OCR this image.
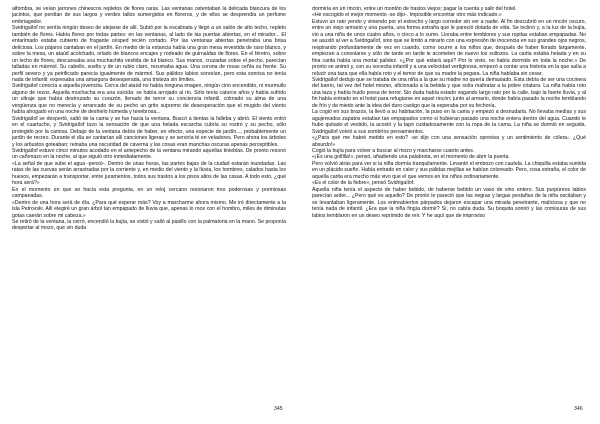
alfombra, se veían jarrones chinescos repletos de flores raras. Las ventanas ostentaban la delicada blancura de los jacintos, que perdían de sus largos y verdes tallos sumergidos en floreros, y de ellos se desprendía un perfume embriagador.

Svidrigaïlof no sentía ningún deseo de alejarse de allí. Subió por la escalinata y llegó a un salón de alto techo, repleto también de flores. Había flores por todas partes: en las ventanas, al lado de las puertas abiertas, en el mirador... El entarimado estaba cubierto de fragante césped recién cortado. Por las ventanas abiertas penetraba una brisa deliciosa. Los pájaros cantaban en el jardín. En medio de la estancia había una gran mesa revestida de raso blanco, y sobre la mesa, un ataúd acolchado, orlado de blancos encajes y rodeado de guirnaldas de flores. En el féretro, sobre un lecho de flores, descansaba una muchachita vestida de tul blanco. Sus manos, cruzadas sobre el pecho, parecían talladas en mármol. Su cabello, suelto y de un rubio claro, rezumaba agua. Una corona de rosas ceñía su frente. Su perfil severo y ya petrificado parecía igualmente de mármol. Sus pálidos labios sonreían, pero esta sonrisa no tenía nada de infantil: expresaba una amargura desesperada, una tristeza sin límites.

Svidrigaïlof conocía a aquella jovencita. Cerca del ataúd no había ninguna imagen, ningún cirio encendido, ni murmullo alguno de rezos. Aquella muchacha era una suicida: se había arrojado al río. Sólo tenía catorce años y había sufrido un ultraje que había destrozado su corazón, llenado de terror su conciencia infantil, colmado su alma de una vergüenza que no merecía y arrancado de su pecho un grito supremo de desesperación que el mugido del viento había ahogado en una noche de deshielo húmeda y tenebrosa...

Svidrigaïlof se despertó, saltó de la cama y se fue hacia la ventana. Buscó a tientas la falleba y abrió. El viento entró en el cuartucho, y Svidrigaïlof tuvo la sensación de que una helada escarcha cubría su rostro y su pecho, sólo protegido por la camisa. Debajo de la ventana debía de haber, en efecto, una especie de jardín..., probablemente un jardín de recreo. Durante el día se cantarían allí canciones ligeras y se serviría té en veladores. Pero ahora los árboles y los arbustos goteaban; reinaba una oscuridad de caverna y las cosas eran manchas oscuras apenas perceptibles.

Svidrigaïlof estuvo cinco minutos acodado en el antepecho de la ventana mirando aquellas tinieblas. De pronto resonó un cañonazo en la noche, al que siguió otro inmediatamente.

«La señal de que sube el agua -pensó-. Dentro de unas horas, las partes bajas de la ciudad estarán inundadas. Las ratas de las cuevas serán arrastradas por la corriente y, en medio del viento y la lluvia, los hombres, calados hasta los huesos, empezarán a transportar, entre juramentos, todos sus trastos a los pisos altos de las casas. A todo esto, ¿qué hora será?»

En el momento en que se hacía esta pregunta, en un reloj cercano resonaron tres poderosas y premiosas campanadas.

«Dentro de una hora será de día. ¿Para qué esperar más? Voy a marcharme ahora mismo. Me iré directamente a la isla Petrovski. Allí elegiré un gran árbol tan empapado de lluvia que, apenas lo roce con el hombro, miles de diminutas gotas caerán sobre mi cabeza.»

Se retiró de la ventana, la cerró, encendió la bujía, se vistió y salió al pasillo con la palmatoria en la mano. Se proponía despertar al mozo, que sin duda

345

dormiría en un rincón, entre un montón de trastos viejos; pagar la cuenta y salir del hotel.

«He escogido el mejor momento -se dijo-. Imposible encontrar otro más indicado.»

Estuvo un rato yendo y viniendo por el estrecho y largo corredor sin ver a nadie. Al fin descubrió en un rincón oscuro, entre un viejo armario y una puerta, una forma extraña que le pareció dotada de vida. Se inclinó y, a la luz de la bujía, vio a una niña de unos cuatro años, o cinco a lo sumo. Lloraba entre temblores y sus ropitas estaban empapadas. No se asustó al ver a Svidrigaïlof, sino que se limitó a mirarlo con una expresión de inocencia en sus grandes ojos negros, respirando profundamente de vez en cuando, como ocurre a los niños que, después de haber llorado largamente, empiezan a consolarse y sólo de tarde en tarde le acometen de nuevo los sollozos. La carita estaba helada y en su fina carita había una mortal palidez. «¿Por qué estará aquí? Por lo visto, no había dormido en toda la noche.» De pronto se animó y, con su vocecita infantil y a una velocidad vertiginosa, empezó a contar una historia en la que salía a relucir una taza que ella había roto y el temor de que su madre la pegara. La niña hablaba sin cesar.

Svidrigaïlof dedujo que se trataba de una niña a la que su madre no quería demasiado. Esta debía de ser una cocinera del barrio, tal vez del hotel mismo, aficionada a la bebida y que solía maltratar a la pobre criatura. La niña había roto una taza y había huido presa de terror. Sin duda había estado vagando largo rato por la calle, bajo la fuerte lluvia, y al fin había entrado en el hotel para refugiarse en aquel rincón; junto al armario, donde había pasado la noche temblando de frío y de miedo ante la idea del duro castigo que la esperaba por su fechoría.

La cogió en sus brazos, la llevó a su habitación, la puso en la cama y empezó a desnudarla. No llevaba medias y sus agujereados zapatos estaban tan empapados como si hubieran pasado una noche entera dentro del agua. Cuando le hubo quitado el vestido, la acostó y la tapó cuidadosamente con la ropa de la cama. La niña se durmió en seguida. Svidrigaïlof volvió a sus sombríos pensamientos.

«¿Para qué me habré metido en esto? -se dijo con una sensación opresiva y un sentimiento de cólera-. ¿Qué absurdo!»

Cogió la bujía para volver a buscar al mozo y marcharse cuanto antes.

«¡Es una golfilla!», pensó, añadiendo una palabrota, en el momento de abrir la puerta.

Pero volvió atrás para ver si la niña dormía tranquilamente. Levantó el embozo con cautela. La chiquilla estaba sumida en un plácido sueño. Había entrado en calor y sus pálidas mejillas se habían coloreado. Pero, cosa extraña, el color de aquella carita era mucho más vivo que el que vemos en los niños ordinariamente.

«Es el color de la fiebre», pensó Svidrigaïlof.

Aquella niña tenía el aspecto de haber bebido, de haberse bebido un vaso de vino entero. Sus purpúreos labios parecían arder... ¿Pero qué es aquello? De pronto le pareció que las negras y largas pestañas de la niña oscilaban y se levantaban ligeramente. Los entreabiertos párpados dejaron escapar una mirada penetrante, maliciosa y que no tenía nada de infantil. ¿Era que la niña fingía dormir? Sí, no cabía duda. Su boquita sonrió y las comisuras de sus labios temblaron en un deseo reprimido de reír. Y he aquí que de improviso

346
